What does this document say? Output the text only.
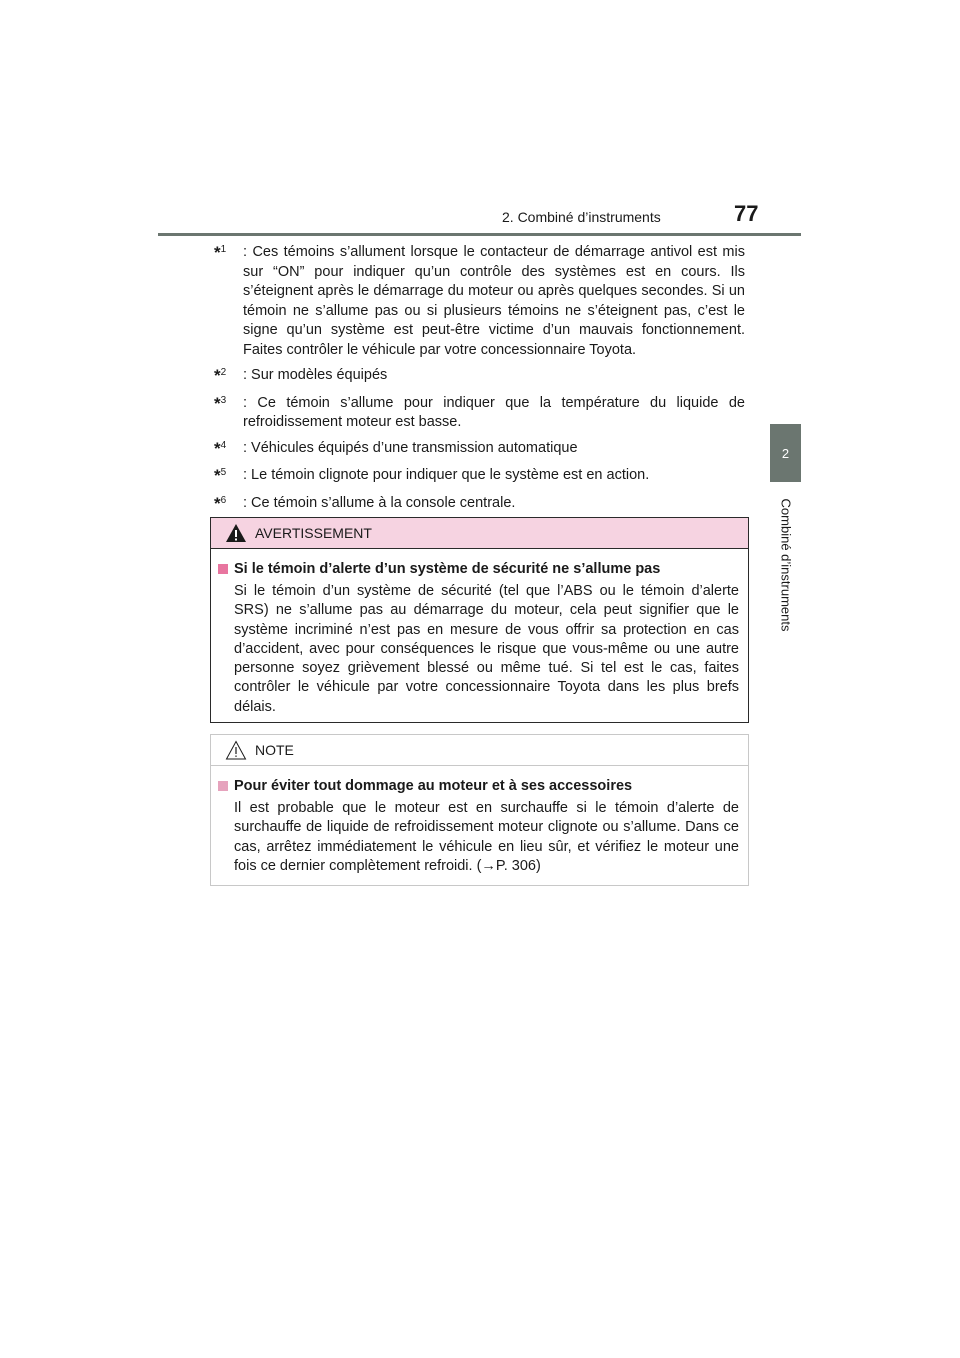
2. Combiné d’instruments	77
2
Combiné d’instruments
*$^1$	: Ces témoins s’allument lorsque le contacteur de démarrage antivol est mis sur “ON” pour indiquer qu’un contrôle des systèmes est en cours. Ils s’éteignent après le démarrage du moteur ou après quelques secondes. Si un témoin ne s’allume pas ou si plusieurs témoins ne s’éteignent pas, c’est le signe qu’un système est peut-être victime d’un mauvais fonctionnement. Faites contrôler le véhicule par votre concessionnaire Toyota.
*$^2$	: Sur modèles équipés
*$^3$	: Ce témoin s’allume pour indiquer que la température du liquide de refroidissement moteur est basse.
*$^4$	: Véhicules équipés d’une transmission automatique
*$^5$	: Le témoin clignote pour indiquer que le système est en action.
*$^6$	: Ce témoin s’allume à la console centrale.
AVERTISSEMENT
Si le témoin d’alerte d’un système de sécurité ne s’allume pas
Si le témoin d’un système de sécurité (tel que l’ABS ou le témoin d’alerte SRS) ne s’allume pas au démarrage du moteur, cela peut signifier que le système incriminé n’est pas en mesure de vous offrir sa protection en cas d’accident, avec pour conséquences le risque que vous-même ou une autre personne soyez grièvement blessé ou même tué. Si tel est le cas, faites contrôler le véhicule par votre concessionnaire Toyota dans les plus brefs délais.
NOTE
Pour éviter tout dommage au moteur et à ses accessoires
Il est probable que le moteur est en surchauffe si le témoin d’alerte de surchauffe de liquide de refroidissement moteur clignote ou s’allume. Dans ce cas, arrêtez immédiatement le véhicule en lieu sûr, et vérifiez le moteur une fois ce dernier complètement refroidi. (→P. 306)
